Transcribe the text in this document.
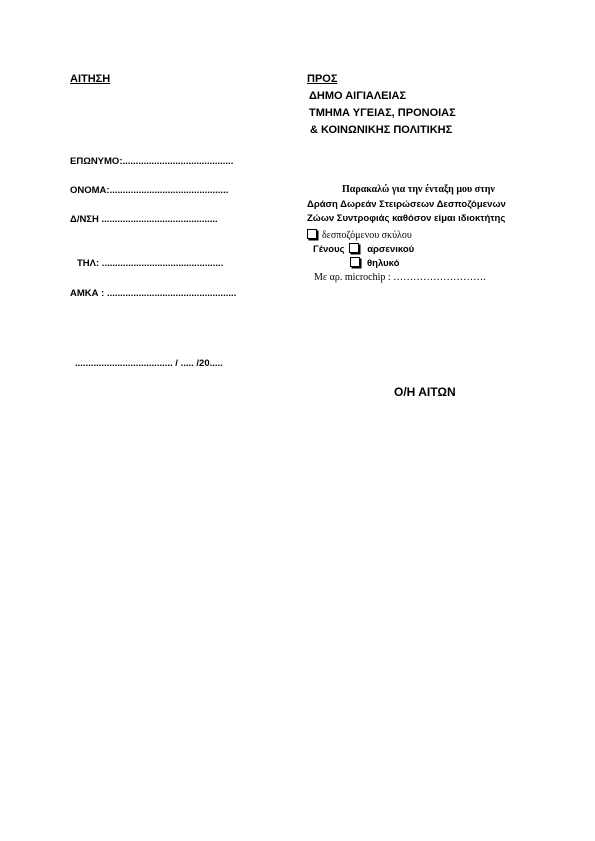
ΑΙΤΗΣΗ
ΕΠΩΝΥΜΟ:..........................................
ΟΝΟΜΑ:.............................................
Δ/ΝΣΗ ............................................
ΤΗΛ: ..............................................
ΑΜΚΑ : .................................................
..................................... / ..... /20.....
ΠΡΟΣ
ΔΗΜΟ ΑΙΓΙΑΛΕΙΑΣ
ΤΜΗΜΑ ΥΓΕΙΑΣ, ΠΡΟΝΟΙΑΣ
& ΚΟΙΝΩΝΙΚΗΣ ΠΟΛΙΤΙΚΗΣ
Παρακαλώ για την ένταξη μου στην
Δράση Δωρεάν Στειρώσεων Δεσποζόμενων
Ζώων Συντροφιάς καθόσον είμαι ιδιοκτήτης
δεσποζόμενου σκύλου
Γένους αρσενικού
θηλυκό
Με αρ. microchip : ……………………….
Ο/Η ΑΙΤΩΝ
